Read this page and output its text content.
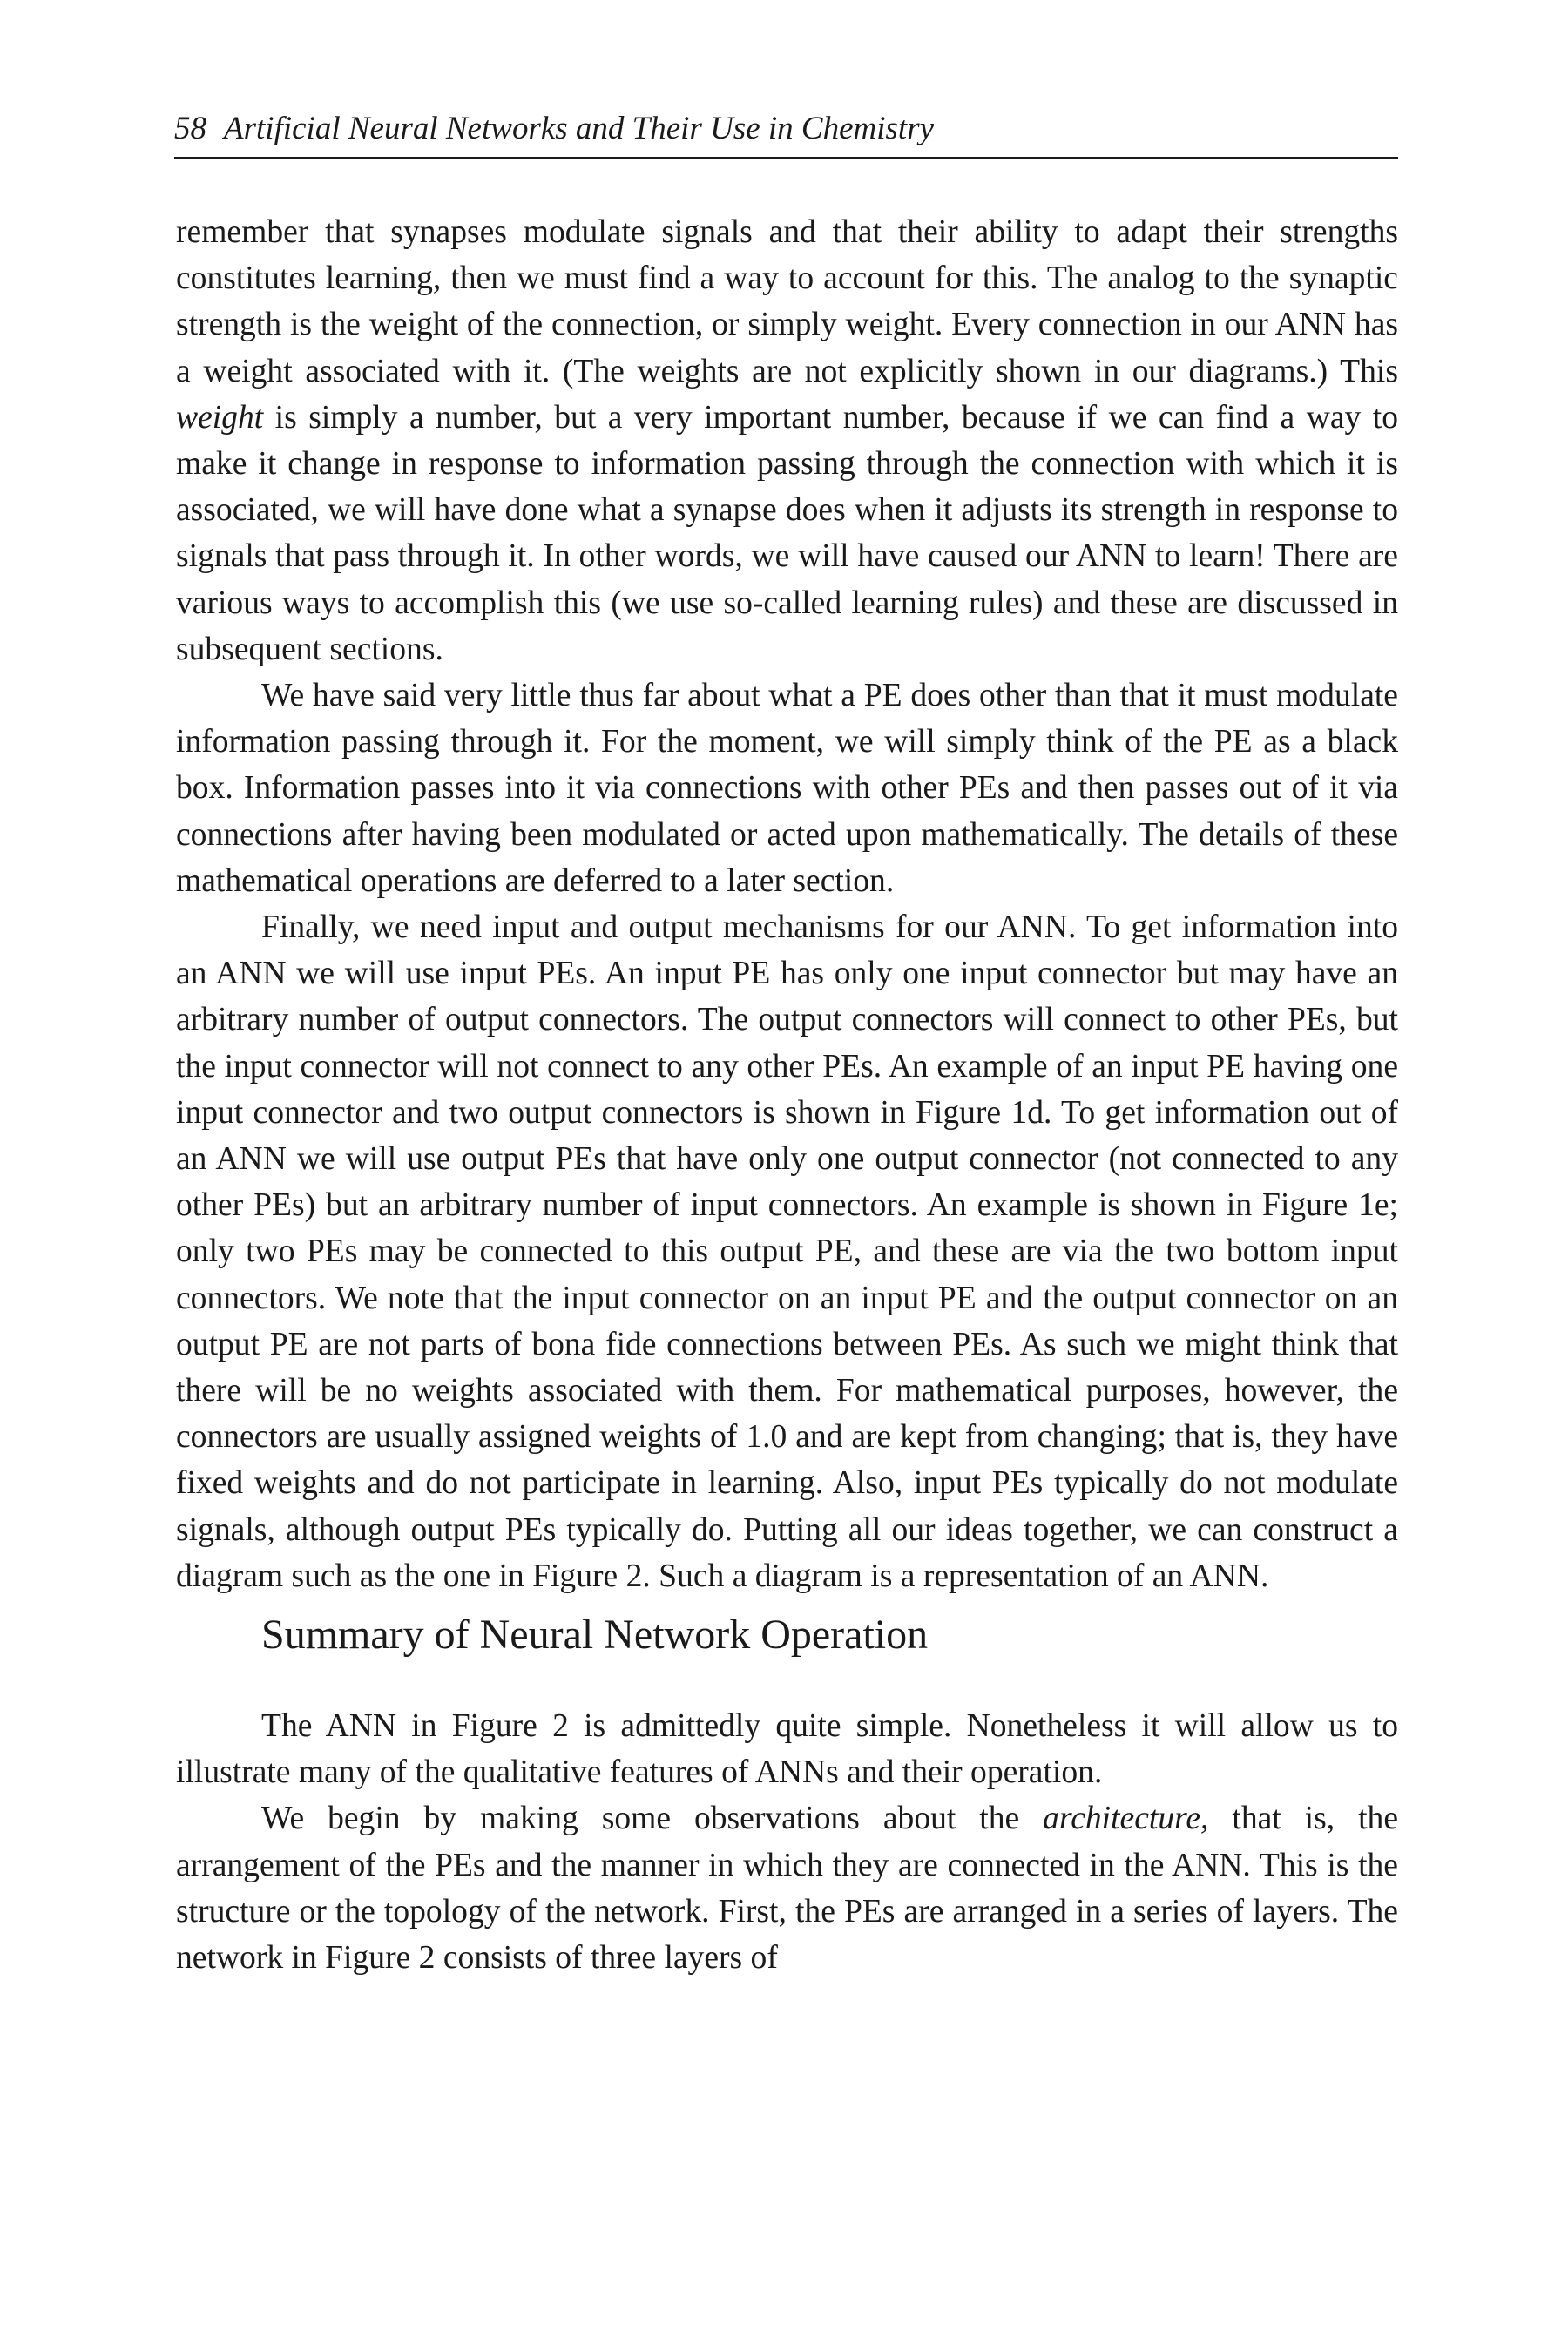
58 Artificial Neural Networks and Their Use in Chemistry

remember that synapses modulate signals and that their ability to adapt their strengths constitutes learning, then we must find a way to account for this. The analog to the synaptic strength is the weight of the connection, or simply weight. Every connection in our ANN has a weight associated with it. (The weights are not explicitly shown in our diagrams.) This weight is simply a number, but a very important number, because if we can find a way to make it change in response to information passing through the connection with which it is associated, we will have done what a synapse does when it adjusts its strength in response to signals that pass through it. In other words, we will have caused our ANN to learn! There are various ways to accomplish this (we use so-called learning rules) and these are discussed in subsequent sections.

We have said very little thus far about what a PE does other than that it must modulate information passing through it. For the moment, we will simply think of the PE as a black box. Information passes into it via connections with other PEs and then passes out of it via connections after having been modulated or acted upon mathematically. The details of these mathematical operations are deferred to a later section.

Finally, we need input and output mechanisms for our ANN. To get information into an ANN we will use input PEs. An input PE has only one input connector but may have an arbitrary number of output connectors. The output connectors will connect to other PEs, but the input connector will not connect to any other PEs. An example of an input PE having one input connector and two output connectors is shown in Figure 1d. To get information out of an ANN we will use output PEs that have only one output connector (not connected to any other PEs) but an arbitrary number of input connectors. An example is shown in Figure 1e; only two PEs may be connected to this output PE, and these are via the two bottom input connectors. We note that the input connector on an input PE and the output connector on an output PE are not parts of bona fide connections between PEs. As such we might think that there will be no weights associated with them. For mathematical purposes, however, the connectors are usually assigned weights of 1.0 and are kept from changing; that is, they have fixed weights and do not participate in learning. Also, input PEs typically do not modulate signals, although output PEs typically do. Putting all our ideas together, we can construct a diagram such as the one in Figure 2. Such a diagram is a representation of an ANN.

Summary of Neural Network Operation

The ANN in Figure 2 is admittedly quite simple. Nonetheless it will allow us to illustrate many of the qualitative features of ANNs and their operation.

We begin by making some observations about the architecture, that is, the arrangement of the PEs and the manner in which they are connected in the ANN. This is the structure or the topology of the network. First, the PEs are arranged in a series of layers. The network in Figure 2 consists of three layers of
